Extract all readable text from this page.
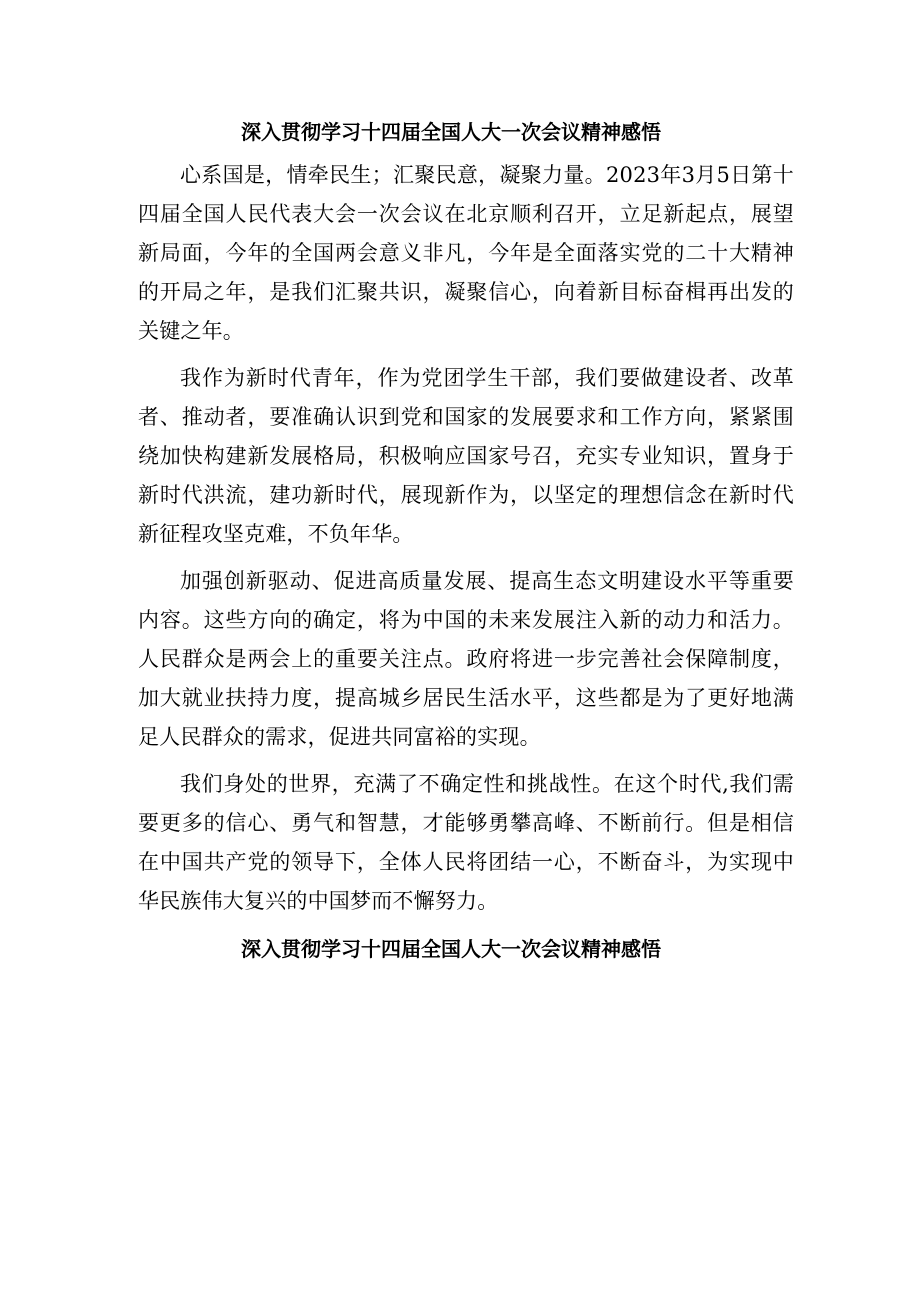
深入贯彻学习十四届全国人大一次会议精神感悟

心系国是，情牵民生；汇聚民意，凝聚力量。2023年3月5日第十四届全国人民代表大会一次会议在北京顺利召开，立足新起点，展望新局面，今年的全国两会意义非凡，今年是全面落实党的二十大精神的开局之年，是我们汇聚共识，凝聚信心，向着新目标奋楫再出发的关键之年。

我作为新时代青年，作为党团学生干部，我们要做建设者、改革者、推动者，要准确认识到党和国家的发展要求和工作方向，紧紧围绕加快构建新发展格局，积极响应国家号召，充实专业知识，置身于新时代洪流，建功新时代，展现新作为，以坚定的理想信念在新时代新征程攻坚克难，不负年华。

加强创新驱动、促进高质量发展、提高生态文明建设水平等重要内容。这些方向的确定，将为中国的未来发展注入新的动力和活力。人民群众是两会上的重要关注点。政府将进一步完善社会保障制度，加大就业扶持力度，提高城乡居民生活水平，这些都是为了更好地满足人民群众的需求，促进共同富裕的实现。

我们身处的世界，充满了不确定性和挑战性。在这个时代,我们需要更多的信心、勇气和智慧，才能够勇攀高峰、不断前行。但是相信在中国共产党的领导下，全体人民将团结一心，不断奋斗，为实现中华民族伟大复兴的中国梦而不懈努力。

深入贯彻学习十四届全国人大一次会议精神感悟
